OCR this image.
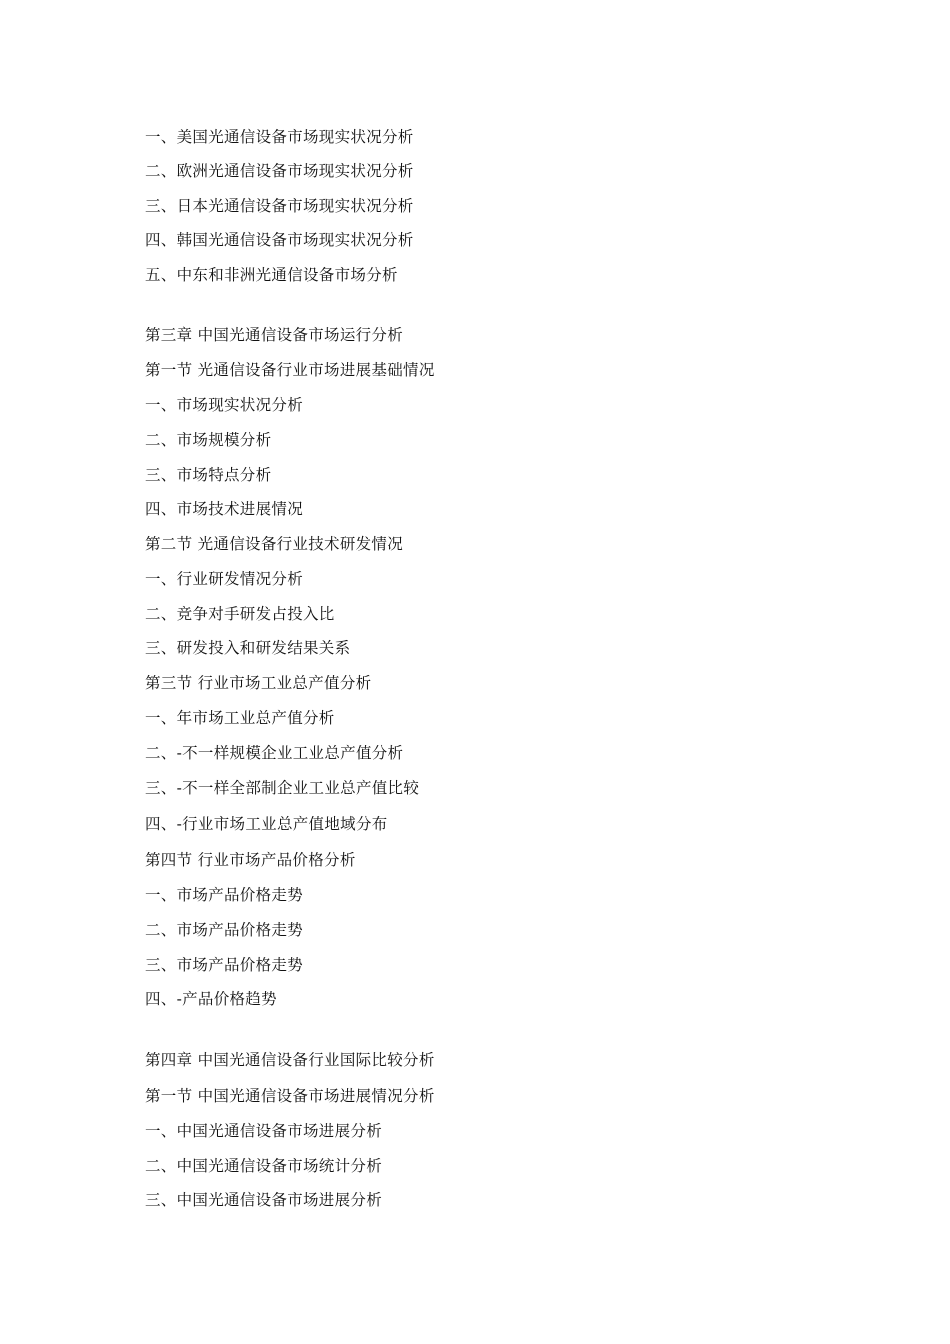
一、美国光通信设备市场现实状况分析
二、欧洲光通信设备市场现实状况分析
三、日本光通信设备市场现实状况分析
四、韩国光通信设备市场现实状况分析
五、中东和非洲光通信设备市场分析
第三章 中国光通信设备市场运行分析
第一节 光通信设备行业市场进展基础情况
一、市场现实状况分析
二、市场规模分析
三、市场特点分析
四、市场技术进展情况
第二节 光通信设备行业技术研发情况
一、行业研发情况分析
二、竞争对手研发占投入比
三、研发投入和研发结果关系
第三节 行业市场工业总产值分析
一、年市场工业总产值分析
二、-不一样规模企业工业总产值分析
三、-不一样全部制企业工业总产值比较
四、-行业市场工业总产值地域分布
第四节 行业市场产品价格分析
一、市场产品价格走势
二、市场产品价格走势
三、市场产品价格走势
四、-产品价格趋势
第四章 中国光通信设备行业国际比较分析
第一节 中国光通信设备市场进展情况分析
一、中国光通信设备市场进展分析
二、中国光通信设备市场统计分析
三、中国光通信设备市场进展分析
